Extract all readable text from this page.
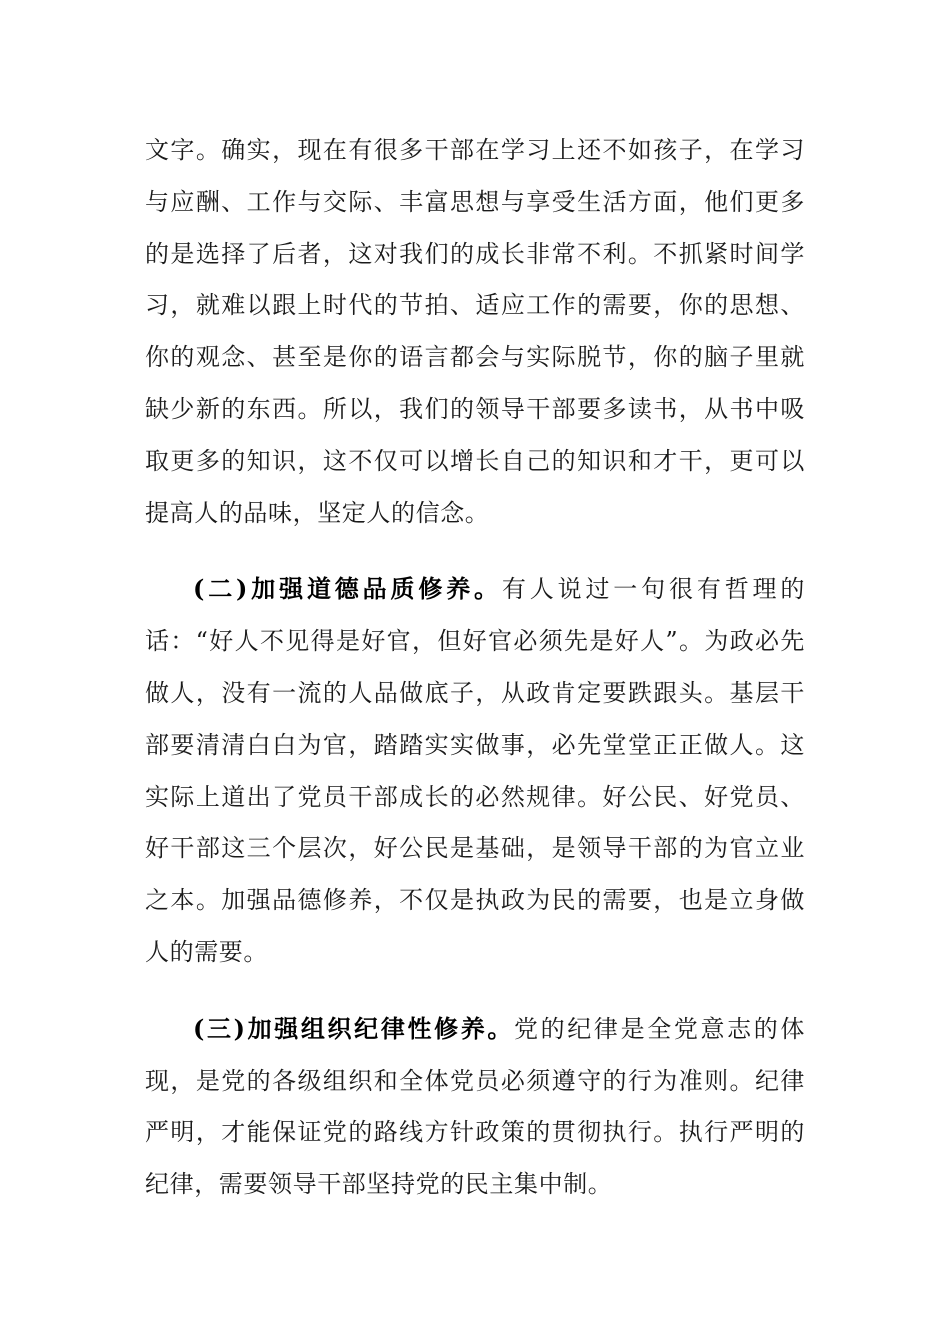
文字。确实，现在有很多干部在学习上还不如孩子，在学习与应酬、工作与交际、丰富思想与享受生活方面，他们更多的是选择了后者，这对我们的成长非常不利。不抓紧时间学习，就难以跟上时代的节拍、适应工作的需要，你的思想、你的观念、甚至是你的语言都会与实际脱节，你的脑子里就缺少新的东西。所以，我们的领导干部要多读书，从书中吸取更多的知识，这不仅可以增长自己的知识和才干，更可以提高人的品味，坚定人的信念。

(二)加强道德品质修养。有人说过一句很有哲理的话：“好人不见得是好官，但好官必须先是好人”。为政必先做人，没有一流的人品做底子，从政肯定要跌跟头。基层干部要清清白白为官，踏踏实实做事，必先堂堂正正做人。这实际上道出了党员干部成长的必然规律。好公民、好党员、好干部这三个层次，好公民是基础，是领导干部的为官立业之本。加强品德修养，不仅是执政为民的需要，也是立身做人的需要。

(三)加强组织纪律性修养。党的纪律是全党意志的体现，是党的各级组织和全体党员必须遵守的行为准则。纪律严明，才能保证党的路线方针政策的贯彻执行。执行严明的纪律，需要领导干部坚持党的民主集中制。
